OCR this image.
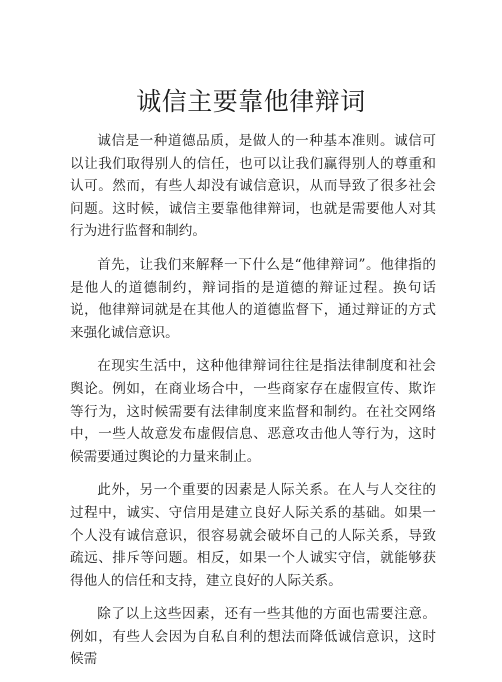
诚信主要靠他律辩词

诚信是一种道德品质，是做人的一种基本准则。诚信可以让我们取得别人的信任，也可以让我们赢得别人的尊重和认可。然而，有些人却没有诚信意识，从而导致了很多社会问题。这时候，诚信主要靠他律辩词，也就是需要他人对其行为进行监督和制约。

首先，让我们来解释一下什么是“他律辩词”。他律指的是他人的道德制约，辩词指的是道德的辩证过程。换句话说，他律辩词就是在其他人的道德监督下，通过辩证的方式来强化诚信意识。

在现实生活中，这种他律辩词往往是指法律制度和社会舆论。例如，在商业场合中，一些商家存在虚假宣传、欺诈等行为，这时候需要有法律制度来监督和制约。在社交网络中，一些人故意发布虚假信息、恶意攻击他人等行为，这时候需要通过舆论的力量来制止。

此外，另一个重要的因素是人际关系。在人与人交往的过程中，诚实、守信用是建立良好人际关系的基础。如果一个人没有诚信意识，很容易就会破坏自己的人际关系，导致疏远、排斥等问题。相反，如果一个人诚实守信，就能够获得他人的信任和支持，建立良好的人际关系。

除了以上这些因素，还有一些其他的方面也需要注意。例如，有些人会因为自私自利的想法而降低诚信意识，这时候需
